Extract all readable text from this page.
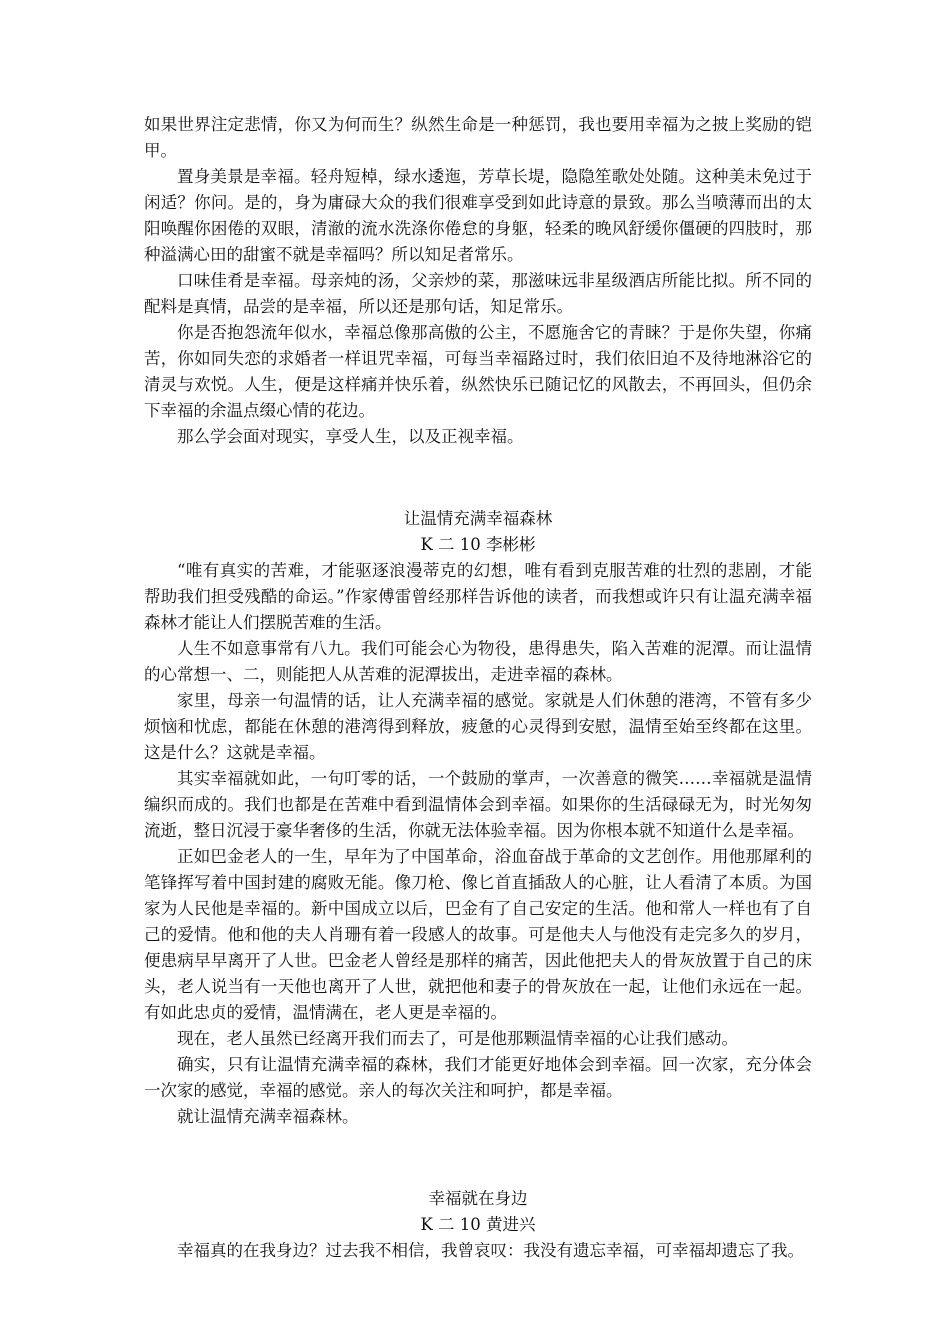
如果世界注定悲情，你又为何而生？纵然生命是一种惩罚，我也要用幸福为之披上奖励的铠甲。

置身美景是幸福。轻舟短棹，绿水逶迤，芳草长堤，隐隐笙歌处处随。这种美未免过于闲适？你问。是的，身为庸碌大众的我们很难享受到如此诗意的景致。那么当喷薄而出的太阳唤醒你困倦的双眼，清澈的流水洗涤你倦怠的身躯，轻柔的晚风舒缓你僵硬的四肢时，那种溢满心田的甜蜜不就是幸福吗？所以知足者常乐。

口味佳肴是幸福。母亲炖的汤，父亲炒的菜，那滋味远非星级酒店所能比拟。所不同的配料是真情，品尝的是幸福，所以还是那句话，知足常乐。

你是否抱怨流年似水，幸福总像那高傲的公主，不愿施舍它的青睐？于是你失望，你痛苦，你如同失恋的求婚者一样诅咒幸福，可每当幸福路过时，我们依旧迫不及待地淋浴它的清灵与欢悦。人生，便是这样痛并快乐着，纵然快乐已随记忆的风散去，不再回头，但仍余下幸福的余温点缀心情的花边。

那么学会面对现实，享受人生，以及正视幸福。

让温情充满幸福森林

K 二 10 李彬彬

“唯有真实的苦难，才能驱逐浪漫蒂克的幻想，唯有看到克服苦难的壮烈的悲剧，才能帮助我们担受残酷的命运。”作家傅雷曾经那样告诉他的读者，而我想或许只有让温充满幸福森林才能让人们摆脱苦难的生活。

人生不如意事常有八九。我们可能会心为物役，患得患失，陷入苦难的泥潭。而让温情的心常想一、二，则能把人从苦难的泥潭拔出，走进幸福的森林。

家里，母亲一句温情的话，让人充满幸福的感觉。家就是人们休憩的港湾，不管有多少烦恼和忧虑，都能在休憩的港湾得到释放，疲惫的心灵得到安慰，温情至始至终都在这里。这是什么？这就是幸福。

其实幸福就如此，一句叮零的话，一个鼓励的掌声，一次善意的微笑……幸福就是温情编织而成的。我们也都是在苦难中看到温情体会到幸福。如果你的生活碌碌无为，时光匆匆流逝，整日沉浸于豪华奢侈的生活，你就无法体验幸福。因为你根本就不知道什么是幸福。

正如巴金老人的一生，早年为了中国革命，浴血奋战于革命的文艺创作。用他那犀利的笔锋挥写着中国封建的腐败无能。像刀枪、像匕首直插敌人的心脏，让人看清了本质。为国家为人民他是幸福的。新中国成立以后，巴金有了自己安定的生活。他和常人一样也有了自己的爱情。他和他的夫人肖珊有着一段感人的故事。可是他夫人与他没有走完多久的岁月，便患病早早离开了人世。巴金老人曾经是那样的痛苦，因此他把夫人的骨灰放置于自己的床头，老人说当有一天他也离开了人世，就把他和妻子的骨灰放在一起，让他们永远在一起。有如此忠贞的爱情，温情满在，老人更是幸福的。

现在，老人虽然已经离开我们而去了，可是他那颗温情幸福的心让我们感动。

确实，只有让温情充满幸福的森林，我们才能更好地体会到幸福。回一次家，充分体会一次家的感觉，幸福的感觉。亲人的每次关注和呵护，都是幸福。

就让温情充满幸福森林。

幸福就在身边

K 二 10 黄进兴

幸福真的在我身边？过去我不相信，我曾哀叹：我没有遗忘幸福，可幸福却遗忘了我。
